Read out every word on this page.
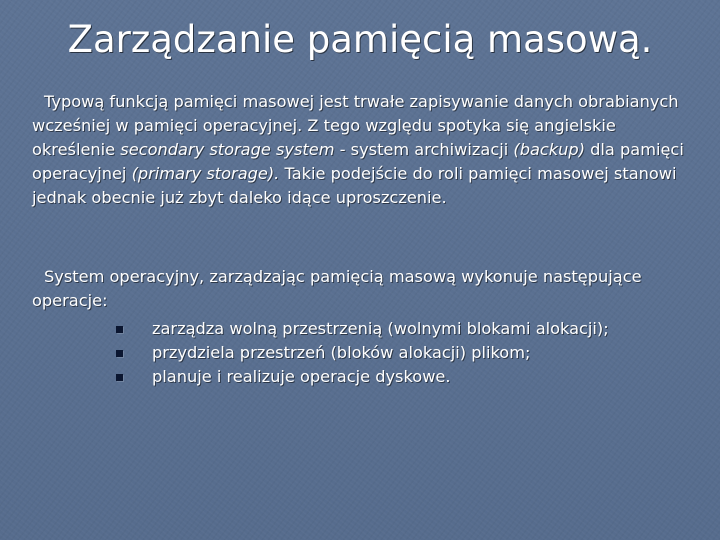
Zarządzanie pamięcią masową.

Typową funkcją pamięci masowej jest trwałe zapisywanie danych obrabianych wcześniej w pamięci operacyjnej. Z tego względu spotyka się angielskie określenie secondary storage system - system archiwizacji (backup) dla pamięci operacyjnej (primary storage). Takie podejście do roli pamięci masowej stanowi jednak obecnie już zbyt daleko idące uproszczenie.

System operacyjny, zarządzając pamięcią masową wykonuje następujące operacje:

zarządza wolną przestrzenią (wolnymi blokami alokacji);
przydziela przestrzeń (bloków alokacji) plikom;
planuje i realizuje operacje dyskowe.
